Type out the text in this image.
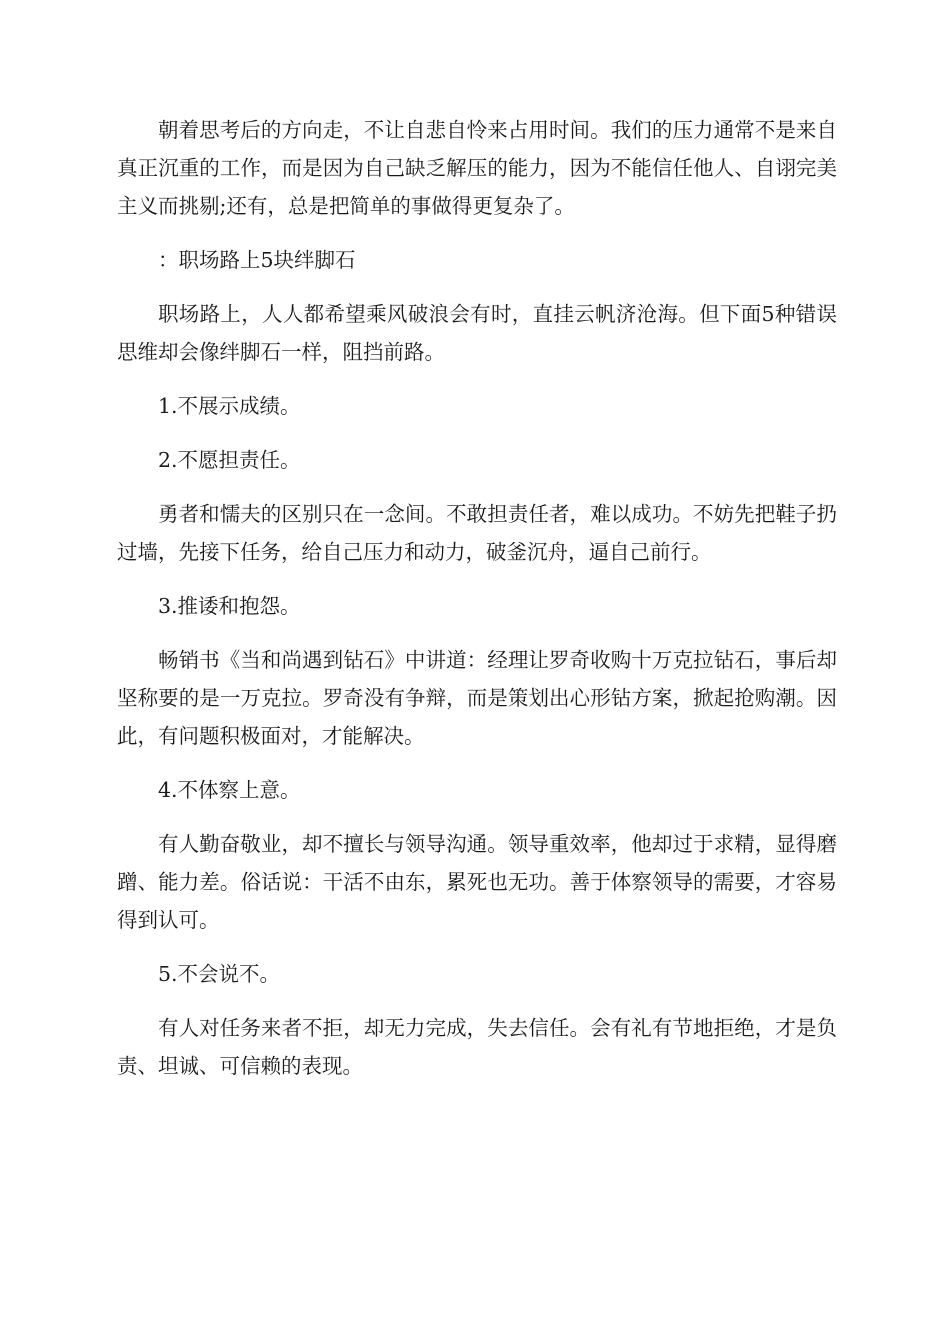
朝着思考后的方向走，不让自悲自怜来占用时间。我们的压力通常不是来自真正沉重的工作，而是因为自己缺乏解压的能力，因为不能信任他人、自诩完美主义而挑剔;还有，总是把简单的事做得更复杂了。

：职场路上5块绊脚石

职场路上，人人都希望乘风破浪会有时，直挂云帆济沧海。但下面5种错误思维却会像绊脚石一样，阻挡前路。

1.不展示成绩。

2.不愿担责任。

勇者和懦夫的区别只在一念间。不敢担责任者，难以成功。不妨先把鞋子扔过墙，先接下任务，给自己压力和动力，破釜沉舟，逼自己前行。

3.推诿和抱怨。

畅销书《当和尚遇到钻石》中讲道：经理让罗奇收购十万克拉钻石，事后却坚称要的是一万克拉。罗奇没有争辩，而是策划出心形钻方案，掀起抢购潮。因此，有问题积极面对，才能解决。

4.不体察上意。

有人勤奋敬业，却不擅长与领导沟通。领导重效率，他却过于求精，显得磨蹭、能力差。俗话说：干活不由东，累死也无功。善于体察领导的需要，才容易得到认可。

5.不会说不。

有人对任务来者不拒，却无力完成，失去信任。会有礼有节地拒绝，才是负责、坦诚、可信赖的表现。
